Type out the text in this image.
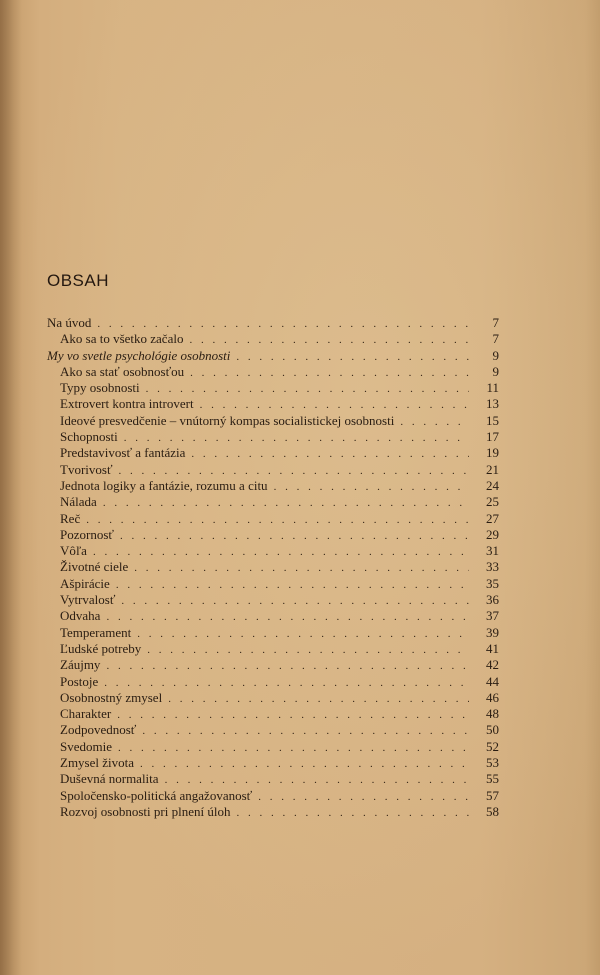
OBSAH
Na úvod . . .	7
Ako sa to všetko začalo . . .	7
My vo svetle psychológie osobnosti . . .	9
Ako sa stať osobnosťou . . .	9
Typy osobnosti . . .	11
Extrovert kontra introvert . . .	13
Ideové presvedčenie – vnútorný kompas socialistickej osobnosti . . .	15
Schopnosti . . .	17
Predstavivosť a fantázia . . .	19
Tvorivosť . . .	21
Jednota logiky a fantázie, rozumu a citu . . .	24
Nálada . . .	25
Reč . . .	27
Pozornosť . . .	29
Vôľa . . .	31
Životné ciele . . .	33
Ašpirácie . . .	35
Vytrvalosť . . .	36
Odvaha . . .	37
Temperament . . .	39
Ľudské potreby . . .	41
Záujmy . . .	42
Postoje . . .	44
Osobnostný zmysel . . .	46
Charakter . . .	48
Zodpovednosť . . .	50
Svedomie . . .	52
Zmysel života . . .	53
Duševná normalita . . .	55
Spoločensko-politická angažovanosť . . .	57
Rozvoj osobnosti pri plnení úloh . . .	58
